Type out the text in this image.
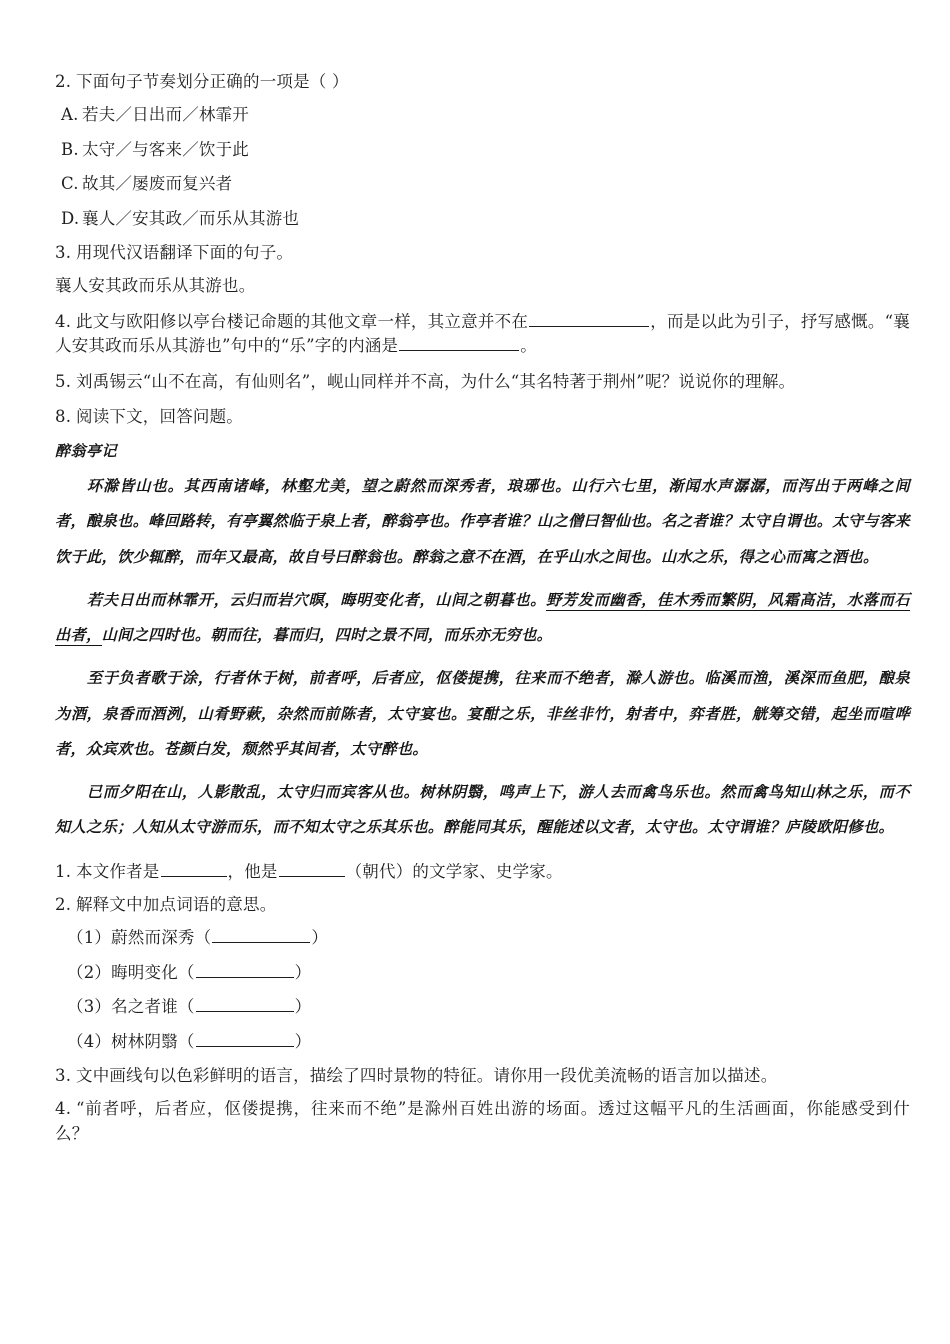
2. 下面句子节奏划分正确的一项是（ ）

A. 若夫／日出而／林霏开

B. 太守／与客来／饮于此

C. 故其／屡废而复兴者

D. 襄人／安其政／而乐从其游也

3. 用现代汉语翻译下面的句子。

襄人安其政而乐从其游也。

4. 此文与欧阳修以亭台楼记命题的其他文章一样，其立意并不在	，而是以此为引子，抒写感慨。“襄人安其政而乐从其游也”句中的“乐”字的内涵是	。

5. 刘禹锡云“山不在高，有仙则名”，岘山同样并不高，为什么“其名特著于荆州”呢？说说你的理解。

8. 阅读下文，回答问题。

醉翁亭记

环滁皆山也。其西南诸峰，林壑尤美，望之蔚然而深秀者，琅琊也。山行六七里，渐闻水声潺潺，而泻出于两峰之间者，酿泉也。峰回路转，有亭翼然临于泉上者，醉翁亭也。作亭者谁？山之僧曰智仙也。名之者谁？太守自谓也。太守与客来饮于此，饮少辄醉，而年又最高，故自号曰醉翁也。醉翁之意不在酒，在乎山水之间也。山水之乐，得之心而寓之酒也。

若夫日出而林霏开，云归而岩穴暝，晦明变化者，山间之朝暮也。野芳发而幽香，佳木秀而繁阴，风霜高洁，水落而石出者，山间之四时也。朝而往，暮而归，四时之景不同，而乐亦无穷也。

至于负者歌于涂，行者休于树，前者呼，后者应，伛偻提携，往来而不绝者，滁人游也。临溪而渔，溪深而鱼肥，酿泉为酒，泉香而酒洌，山肴野蔌，杂然而前陈者，太守宴也。宴酣之乐，非丝非竹，射者中，弈者胜，觥筹交错，起坐而喧哗者，众宾欢也。苍颜白发，颓然乎其间者，太守醉也。

已而夕阳在山，人影散乱，太守归而宾客从也。树林阴翳，鸣声上下，游人去而禽鸟乐也。然而禽鸟知山林之乐，而不知人之乐；人知从太守游而乐，而不知太守之乐其乐也。醉能同其乐，醒能述以文者，太守也。太守谓谁？庐陵欧阳修也。

1. 本文作者是	，他是	（朝代）的文学家、史学家。

2. 解释文中加点词语的意思。

（1）蔚然而深秀（	）

（2）晦明变化（	）

（3）名之者谁（	）

（4）树林阴翳（	）

3. 文中画线句以色彩鲜明的语言，描绘了四时景物的特征。请你用一段优美流畅的语言加以描述。

4. “前者呼，后者应，伛偻提携，往来而不绝”是滁州百姓出游的场面。透过这幅平凡的生活画面，你能感受到什么？
